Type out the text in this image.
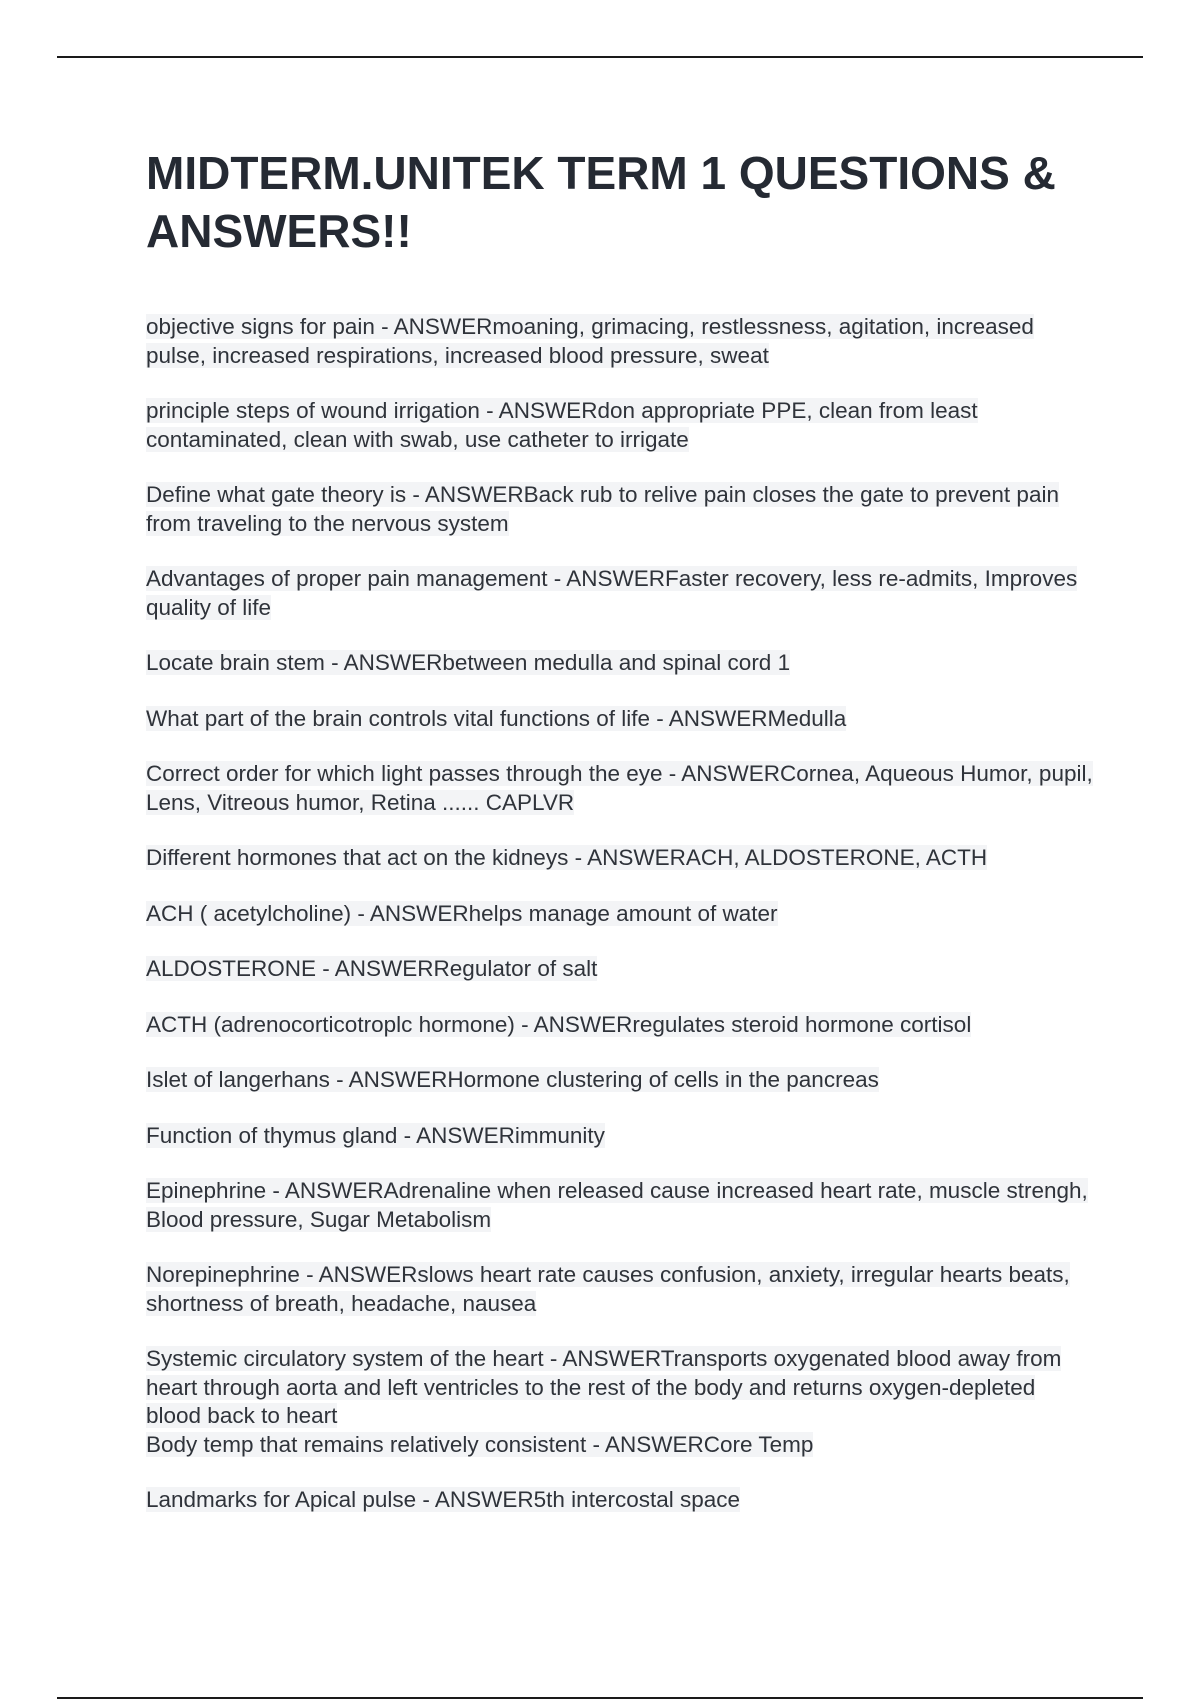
MIDTERM.UNITEK TERM 1 QUESTIONS & ANSWERS!!

objective signs for pain - ANSWERmoaning, grimacing, restlessness, agitation, increased pulse, increased respirations, increased blood pressure, sweat

principle steps of wound irrigation - ANSWERdon appropriate PPE, clean from least contaminated, clean with swab, use catheter to irrigate

Define what gate theory is - ANSWERBack rub to relive pain closes the gate to prevent pain from traveling to the nervous system

Advantages of proper pain management - ANSWERFaster recovery, less re-admits, Improves quality of life

Locate brain stem - ANSWERbetween medulla and spinal cord 1

What part of the brain controls vital functions of life - ANSWERMedulla

Correct order for which light passes through the eye - ANSWERCornea, Aqueous Humor, pupil, Lens, Vitreous humor, Retina ...... CAPLVR

Different hormones that act on the kidneys - ANSWERACH, ALDOSTERONE, ACTH

ACH ( acetylcholine) - ANSWERhelps manage amount of water

ALDOSTERONE - ANSWERRegulator of salt

ACTH (adrenocorticotroplc hormone) - ANSWERregulates steroid hormone cortisol

Islet of langerhans - ANSWERHormone clustering of cells in the pancreas

Function of thymus gland - ANSWERimmunity

Epinephrine - ANSWERAdrenaline when released cause increased heart rate, muscle strengh, Blood pressure, Sugar Metabolism

Norepinephrine - ANSWERslows heart rate causes confusion, anxiety, irregular hearts beats, shortness of breath, headache, nausea

Systemic circulatory system of the heart - ANSWERTransports oxygenated blood away from heart through aorta and left ventricles to the rest of the body and returns oxygen-depleted blood back to heart

Body temp that remains relatively consistent - ANSWERCore Temp

Landmarks for Apical pulse - ANSWER5th intercostal space
